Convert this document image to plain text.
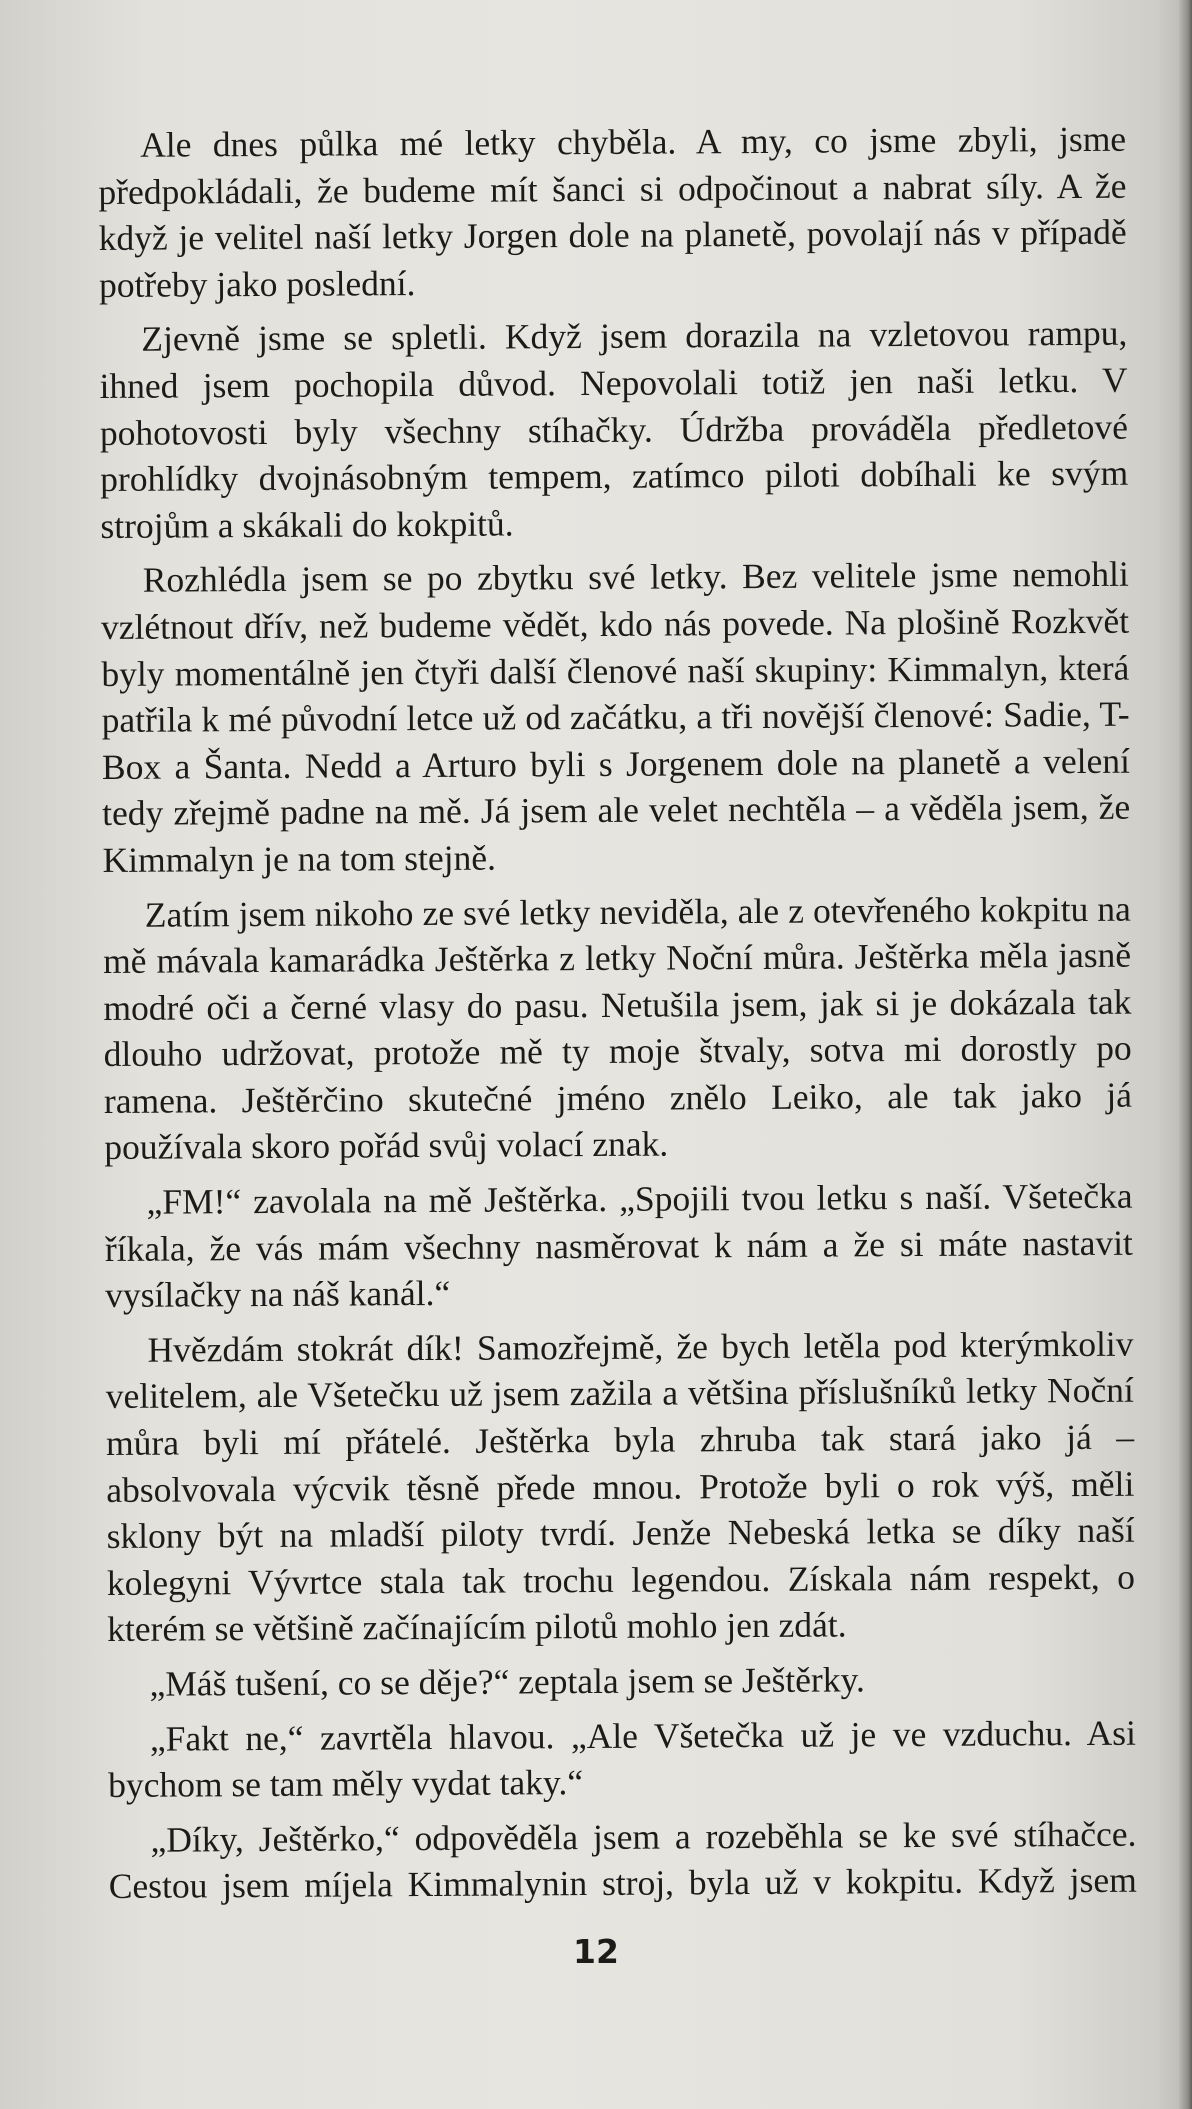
Ale dnes půlka mé letky chyběla. A my, co jsme zbyli, jsme předpokládali, že budeme mít šanci si odpočinout a nabrat síly. A že když je velitel naší letky Jorgen dole na planetě, povolají nás v případě potřeby jako poslední.

Zjevně jsme se spletli. Když jsem dorazila na vzletovou rampu, ihned jsem pochopila důvod. Nepovolali totiž jen naši letku. V pohotovosti byly všechny stíhačky. Údržba prováděla předletové prohlídky dvojnásobným tempem, zatímco piloti dobíhali ke svým strojům a skákali do kokpitů.

Rozhlédla jsem se po zbytku své letky. Bez velitele jsme nemohli vzlétnout dřív, než budeme vědět, kdo nás povede. Na plošině Rozkvět byly momentálně jen čtyři další členové naší skupiny: Kimmalyn, která patřila k mé původní letce už od začátku, a tři novější členové: Sadie, T-Box a Šanta. Nedd a Arturo byli s Jorgenem dole na planetě a velení tedy zřejmě padne na mě. Já jsem ale velet nechtěla – a věděla jsem, že Kimmalyn je na tom stejně.

Zatím jsem nikoho ze své letky neviděla, ale z otevřeného kokpitu na mě mávala kamarádka Ještěrka z letky Noční můra. Ještěrka měla jasně modré oči a černé vlasy do pasu. Netušila jsem, jak si je dokázala tak dlouho udržovat, protože mě ty moje štvaly, sotva mi dorostly po ramena. Ještěrčino skutečné jméno znělo Leiko, ale tak jako já používala skoro pořád svůj volací znak.

„FM!“ zavolala na mě Ještěrka. „Spojili tvou letku s naší. Všetečka říkala, že vás mám všechny nasměrovat k nám a že si máte nastavit vysílačky na náš kanál.“

Hvězdám stokrát dík! Samozřejmě, že bych letěla pod kterýmkoliv velitelem, ale Všetečku už jsem zažila a většina příslušníků letky Noční můra byli mí přátelé. Ještěrka byla zhruba tak stará jako já – absolvovala výcvik těsně přede mnou. Protože byli o rok výš, měli sklony být na mladší piloty tvrdí. Jenže Nebeská letka se díky naší kolegyni Vývrtce stala tak trochu legendou. Získala nám respekt, o kterém se většině začínajícím pilotů mohlo jen zdát.

„Máš tušení, co se děje?“ zeptala jsem se Ještěrky.

„Fakt ne,“ zavrtěla hlavou. „Ale Všetečka už je ve vzduchu. Asi bychom se tam měly vydat taky.“

„Díky, Ještěrko,“ odpověděla jsem a rozeběhla se ke své stíhačce. Cestou jsem míjela Kimmalynin stroj, byla už v kokpitu. Když jsem

12
